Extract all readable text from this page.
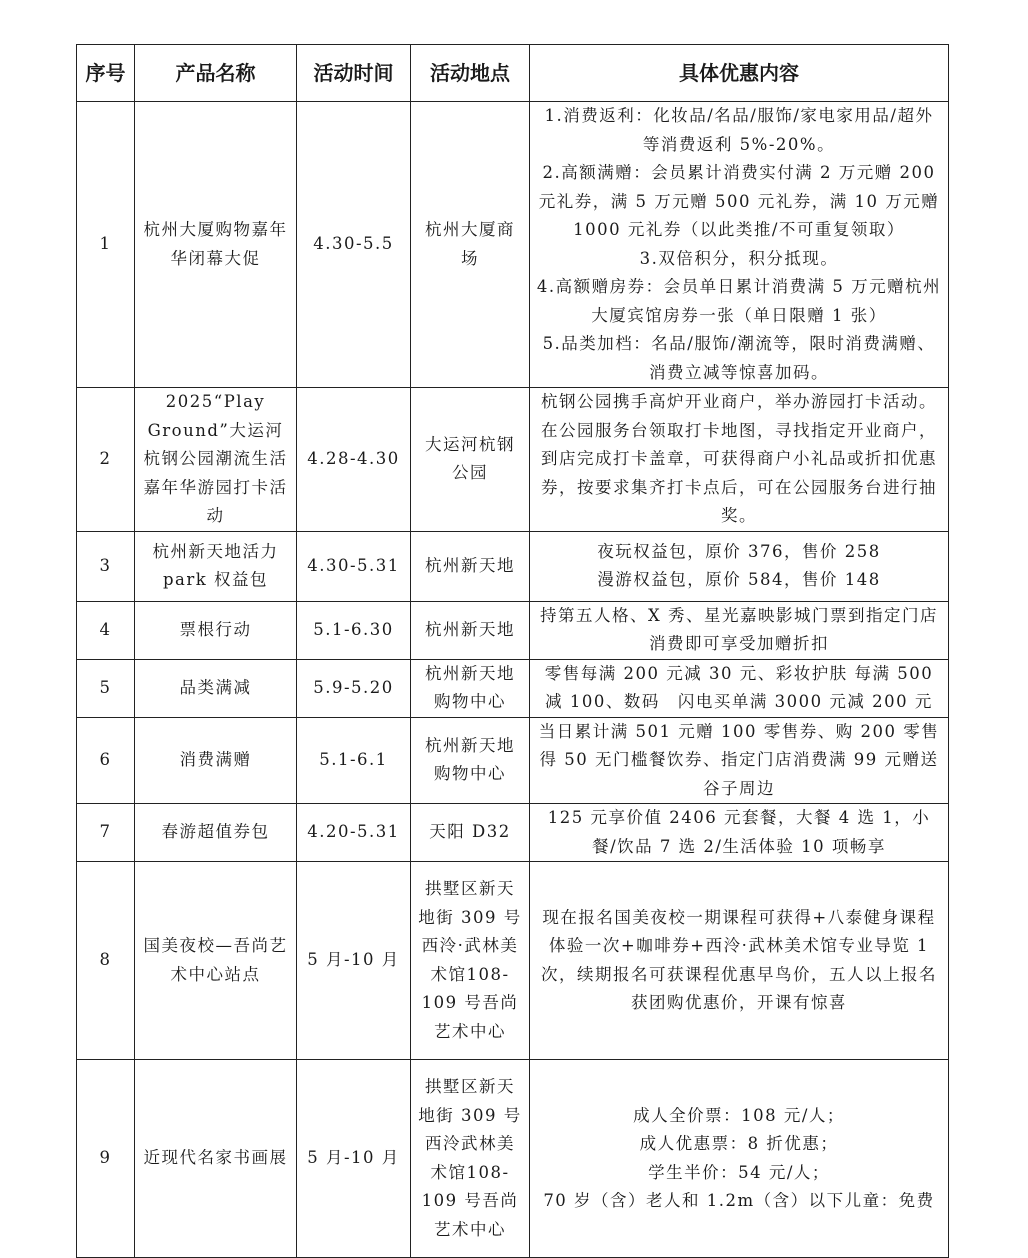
序号	产品名称	活动时间	活动地点	具体优惠内容
1	杭州大厦购物嘉年华闭幕大促	4.30-5.5	杭州大厦商场	1.消费返利：化妆品/名品/服饰/家电家用品/超外等消费返利 5%-20%。

2.高额满赠：会员累计消费实付满 2 万元赠 200 元礼券，满 5 万元赠 500 元礼券，满 10 万元赠 1000 元礼券（以此类推/不可重复领取）

3.双倍积分，积分抵现。

4.高额赠房券：会员单日累计消费满 5 万元赠杭州大厦宾馆房券一张（单日限赠 1 张）

5.品类加档：名品/服饰/潮流等，限时消费满赠、消费立减等惊喜加码。

2	2025“Play Ground”大运河杭钢公园潮流生活嘉年华游园打卡活动	4.28-4.30	大运河杭钢公园	杭钢公园携手高炉开业商户，举办游园打卡活动。在公园服务台领取打卡地图，寻找指定开业商户，到店完成打卡盖章，可获得商户小礼品或折扣优惠券，按要求集齐打卡点后，可在公园服务台进行抽奖。

3	杭州新天地活力park 权益包	4.30-5.31	杭州新天地	夜玩权益包，原价 376，售价 258

漫游权益包，原价 584，售价 148

4	票根行动	5.1-6.30	杭州新天地	持第五人格、X 秀、星光嘉映影城门票到指定门店消费即可享受加赠折扣

5	品类满减	5.9-5.20	杭州新天地购物中心	零售每满 200 元减 30 元、彩妆护肤 每满 500 减 100、数码　闪电买单满 3000 元减 200 元

6	消费满赠	5.1-6.1	杭州新天地购物中心	当日累计满 501 元赠 100 零售券、购 200 零售得 50 无门槛餐饮券、指定门店消费满 99 元赠送谷子周边

7	春游超值券包	4.20-5.31	天阳 D32	125 元享价值 2406 元套餐，大餐 4 选 1，小餐/饮品 7 选 2/生活体验 10 项畅享

8	国美夜校—吾尚艺术中心站点	5 月-10 月	拱墅区新天地街 309 号西泠·武林美术馆108-109 号吾尚艺术中心	现在报名国美夜校一期课程可获得+八泰健身课程体验一次+咖啡券+西泠·武林美术馆专业导览 1 次，续期报名可获课程优惠早鸟价，五人以上报名获团购优惠价，开课有惊喜

9	近现代名家书画展	5 月-10 月	拱墅区新天地街 309 号西泠武林美术馆108-109 号吾尚艺术中心	成人全价票：108 元/人；

成人优惠票：8 折优惠；

学生半价：54 元/人；

70 岁（含）老人和 1.2m（含）以下儿童：免费
